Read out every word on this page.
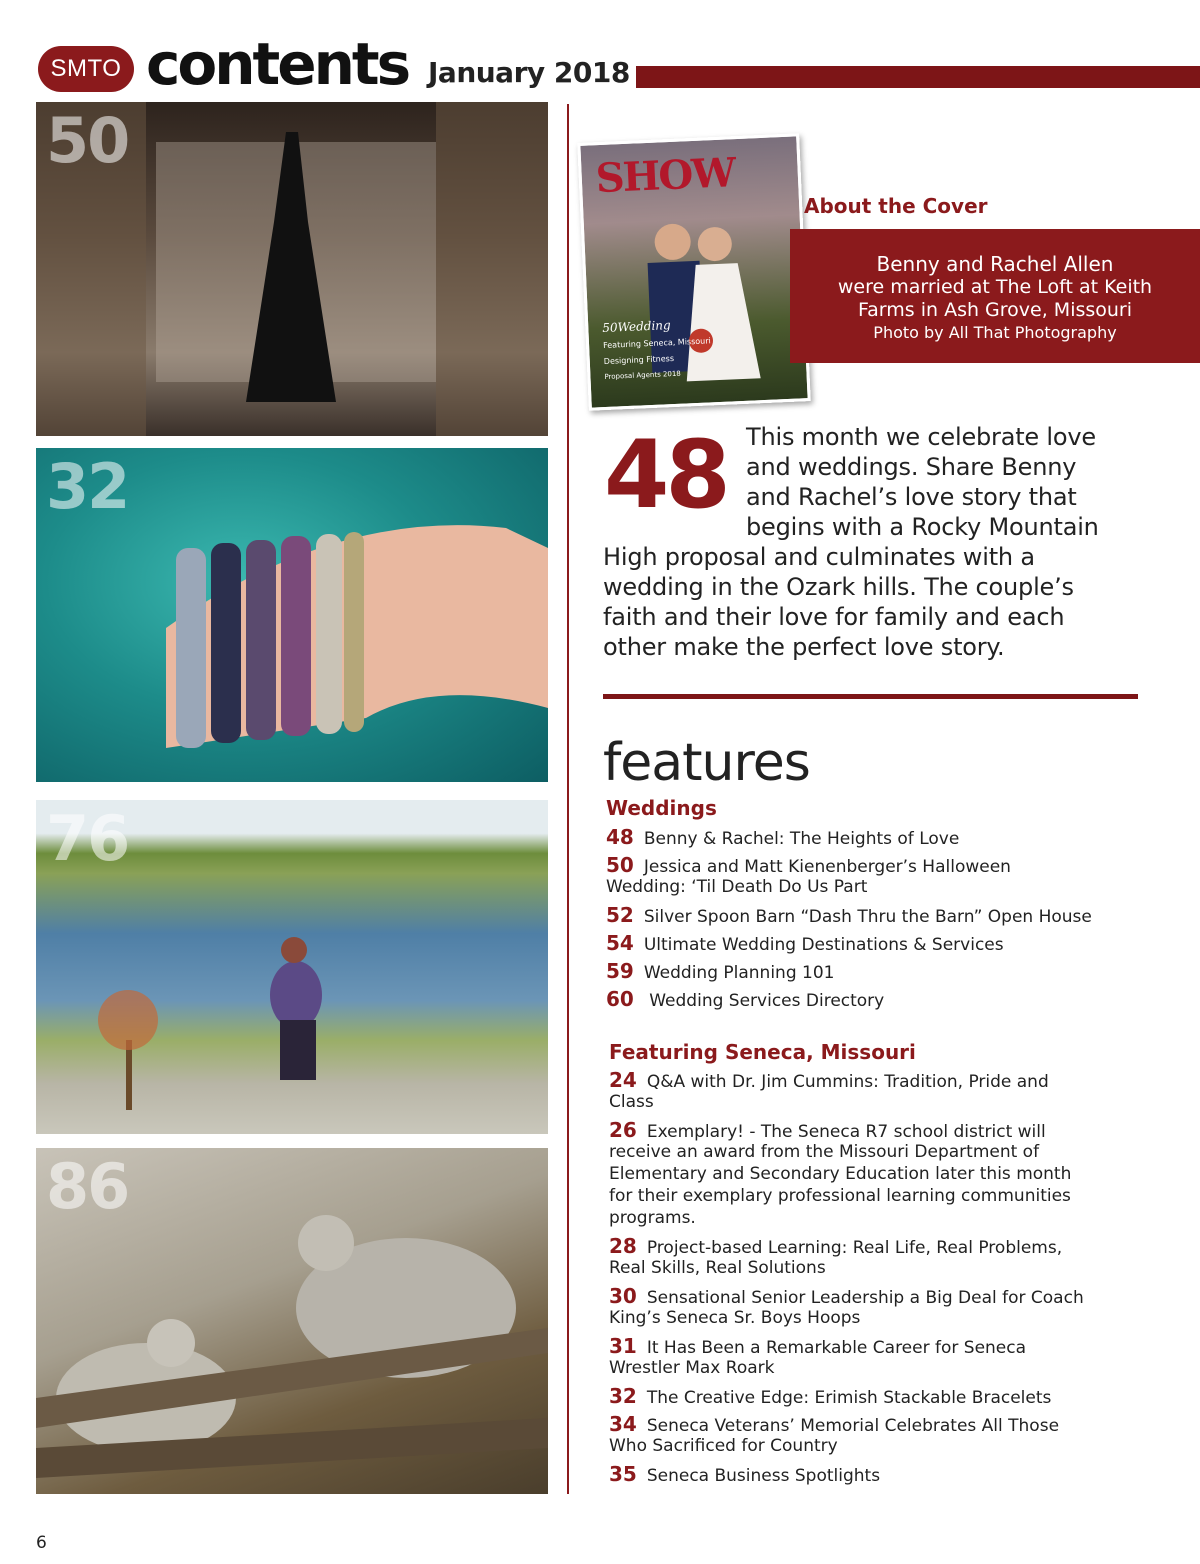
SMTO contents January 2018
50
32
76
86
SHOW
50Wedding
Featuring Seneca, Missouri
Designing Fitness
Proposal Agents 2018
About the Cover
Benny and Rachel Allen
were married at The Loft at Keith
Farms in Ash Grove, Missouri
Photo by All That Photography
48 This month we celebrate love
and weddings. Share Benny
and Rachel’s love story that
begins with a Rocky Mountain
High proposal and culminates with a
wedding in the Ozark hills. The couple’s
faith and their love for family and each
other make the perfect love story.
features
Weddings
48 Benny & Rachel: The Heights of Love
50 Jessica and Matt Kienenberger’s Halloween
Wedding: ‘Til Death Do Us Part
52 Silver Spoon Barn “Dash Thru the Barn” Open House
54 Ultimate Wedding Destinations & Services
59 Wedding Planning 101
60 Wedding Services Directory
Featuring Seneca, Missouri
24 Q&A with Dr. Jim Cummins: Tradition, Pride and
Class
26 Exemplary! - The Seneca R7 school district will
receive an award from the Missouri Department of
Elementary and Secondary Education later this month
for their exemplary professional learning communities
programs.
28 Project-based Learning: Real Life, Real Problems,
Real Skills, Real Solutions
30 Sensational Senior Leadership a Big Deal for Coach
King’s Seneca Sr. Boys Hoops
31 It Has Been a Remarkable Career for Seneca
Wrestler Max Roark
32 The Creative Edge: Erimish Stackable Bracelets
34 Seneca Veterans’ Memorial Celebrates All Those
Who Sacrificed for Country
35 Seneca Business Spotlights
6
